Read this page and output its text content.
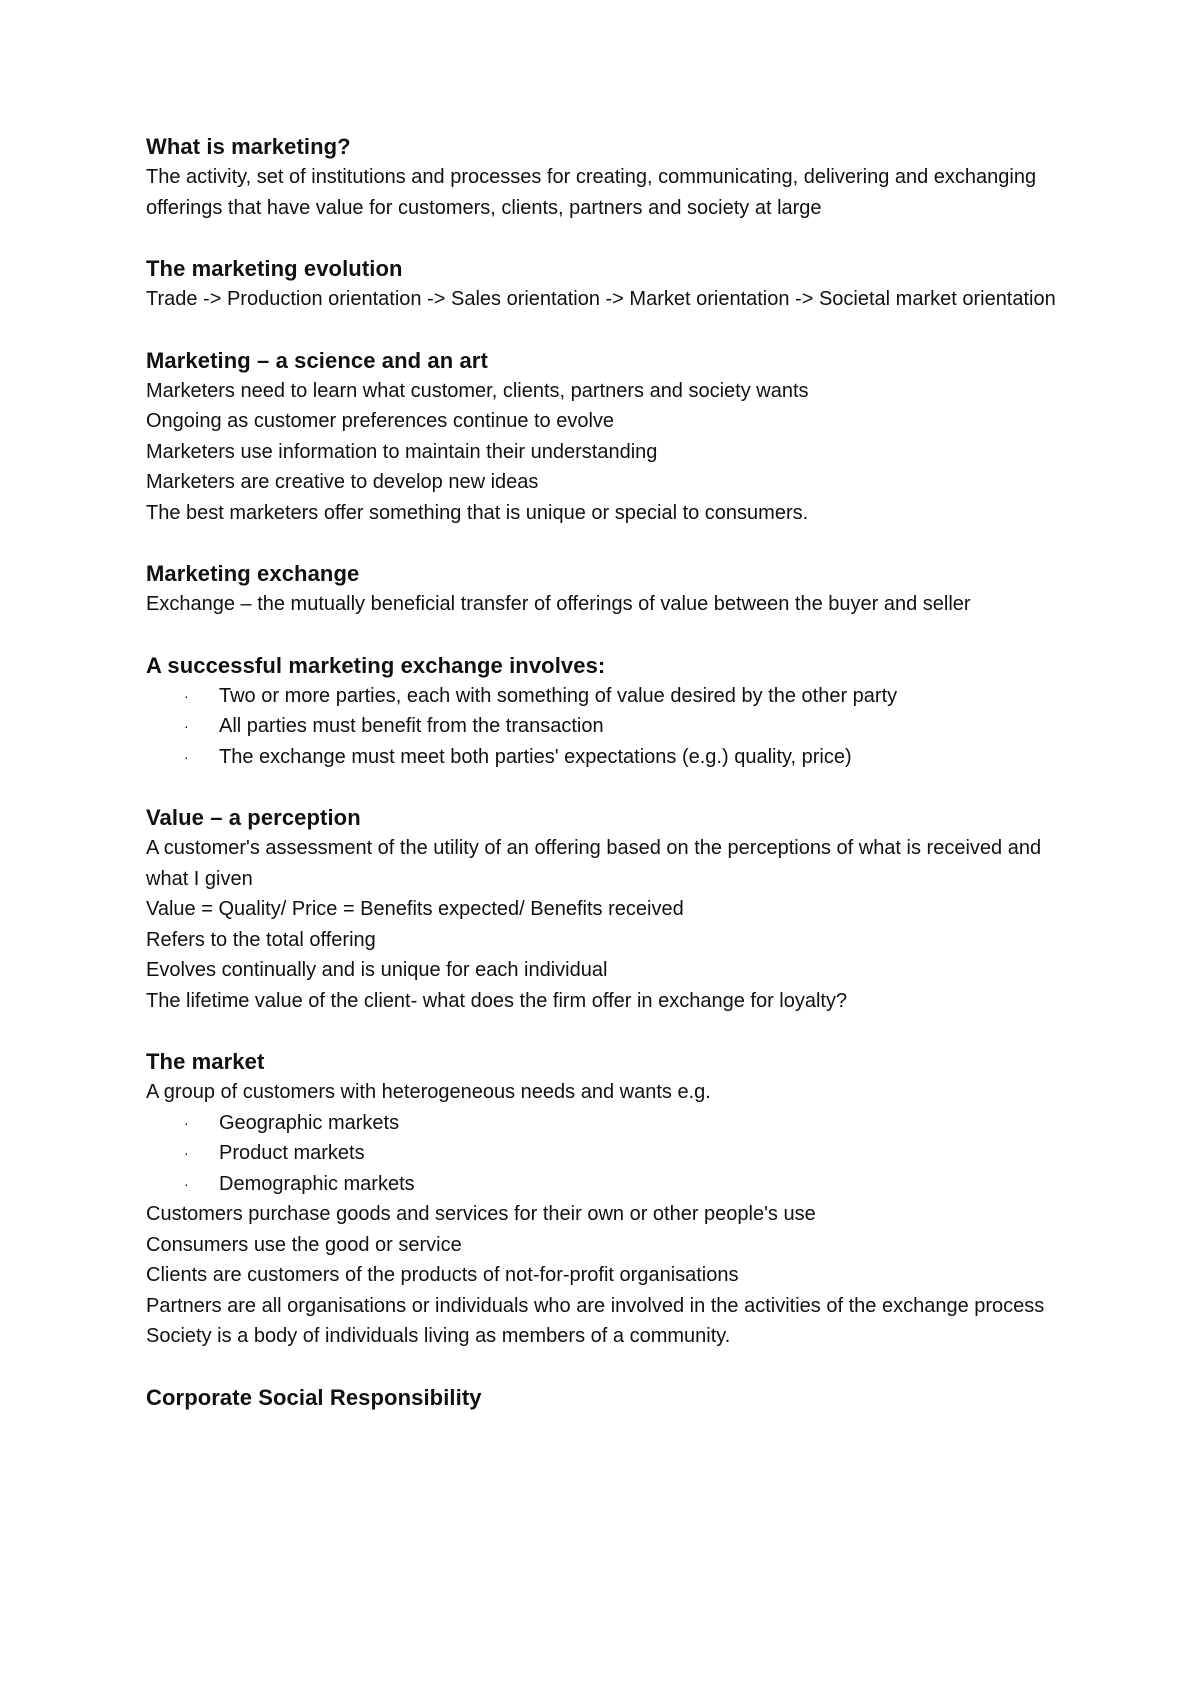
What is marketing?

The activity, set of institutions and processes for creating, communicating, delivering and exchanging offerings that have value for customers, clients, partners and society at large

The marketing evolution

Trade -> Production orientation -> Sales orientation -> Market orientation -> Societal market orientation

Marketing – a science and an art

Marketers need to learn what customer, clients, partners and society wants

Ongoing as customer preferences continue to evolve

Marketers use information to maintain their understanding

Marketers are creative to develop new ideas

The best marketers offer something that is unique or special to consumers.

Marketing exchange

Exchange – the mutually beneficial transfer of offerings of value between the buyer and seller

A successful marketing exchange involves:

· Two or more parties, each with something of value desired by the other party

· All parties must benefit from the transaction

· The exchange must meet both parties' expectations (e.g.) quality, price)

Value – a perception

A customer's assessment of the utility of an offering based on the perceptions of what is received and what I given

Value = Quality/ Price = Benefits expected/ Benefits received

Refers to the total offering

Evolves continually and is unique for each individual

The lifetime value of the client- what does the firm offer in exchange for loyalty?

The market

A group of customers with heterogeneous needs and wants e.g.

· Geographic markets

· Product markets

· Demographic markets

Customers purchase goods and services for their own or other people's use

Consumers use the good or service

Clients are customers of the products of not-for-profit organisations

Partners are all organisations or individuals who are involved in the activities of the exchange process

Society is a body of individuals living as members of a community.

Corporate Social Responsibility
